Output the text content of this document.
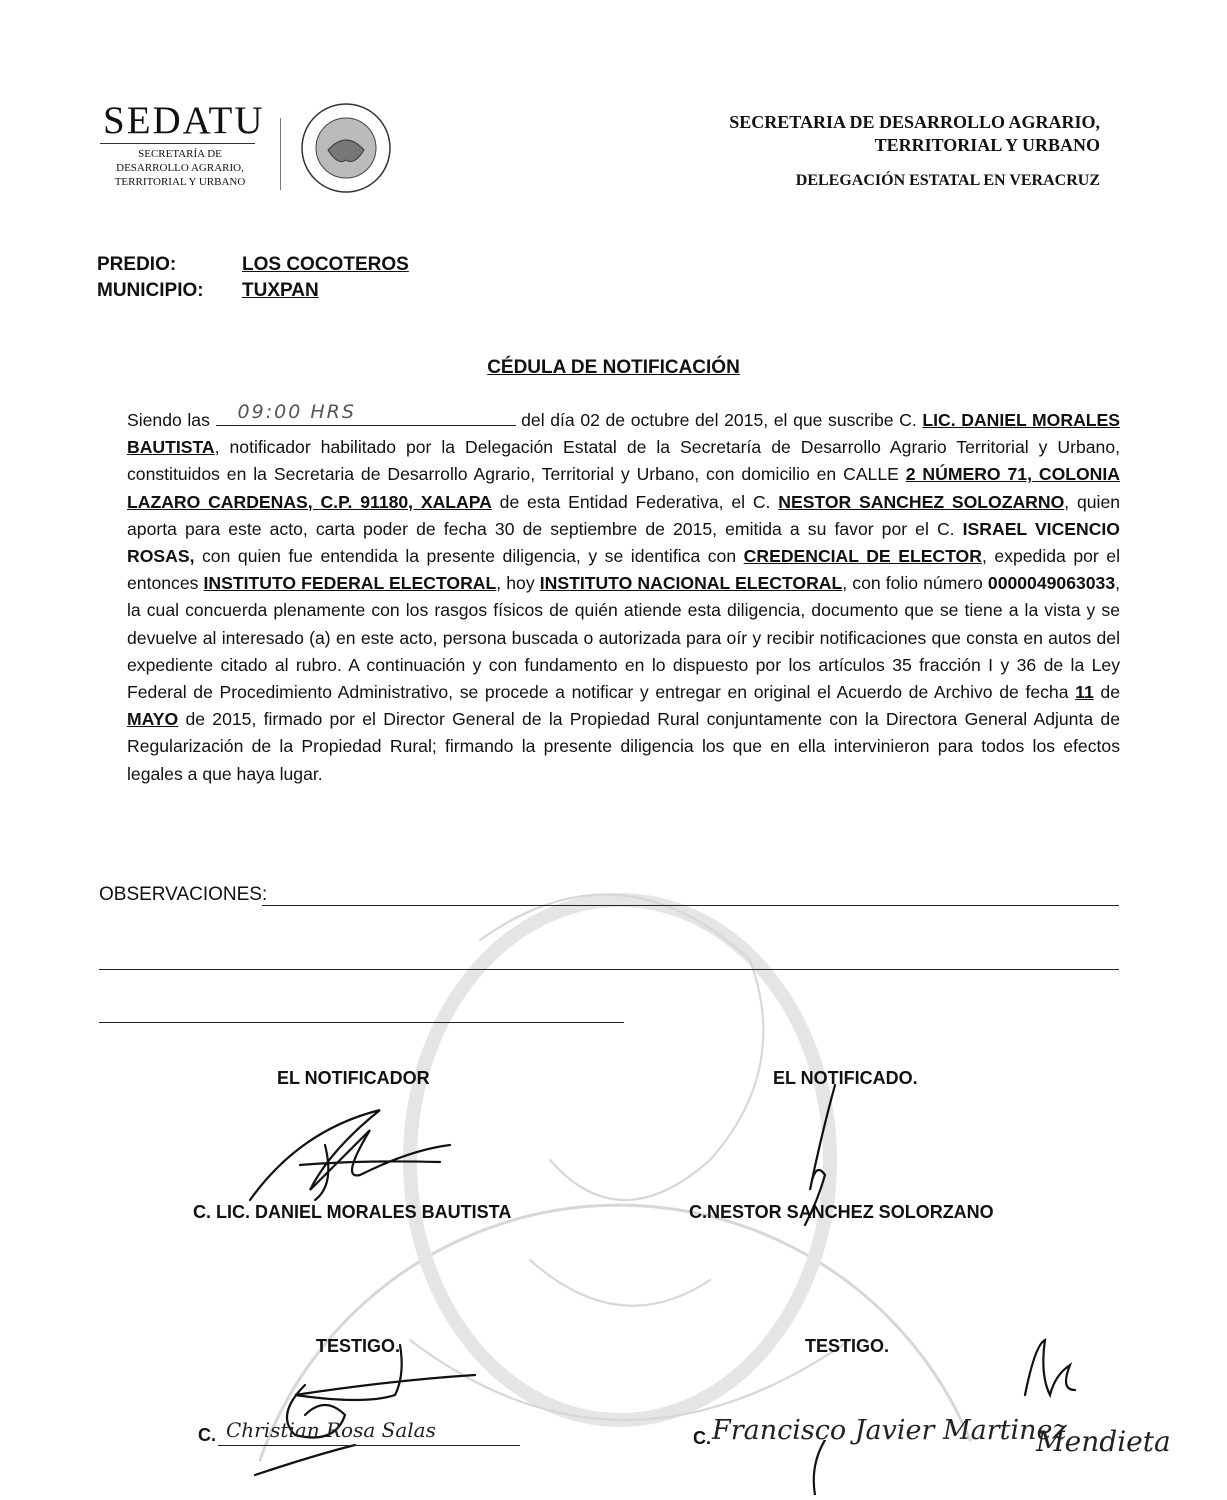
SEDATU
SECRETARÍA DE
DESARROLLO AGRARIO,
TERRITORIAL Y URBANO
SECRETARIA DE DESARROLLO AGRARIO,
TERRITORIAL Y URBANO
DELEGACIÓN ESTATAL EN VERACRUZ
PREDIO:	LOS COCOTEROS
MUNICIPIO: TUXPAN
CÉDULA DE NOTIFICACIÓN
Siendo las 09:00 HRS	del día 02 de octubre del 2015, el que suscribe C. LIC. DANIEL MORALES BAUTISTA, notificador habilitado por la Delegación Estatal de la Secretaría de Desarrollo Agrario Territorial y Urbano, constituidos en la Secretaria de Desarrollo Agrario, Territorial y Urbano, con domicilio en CALLE 2 NÚMERO 71, COLONIA LAZARO CARDENAS, C.P. 91180, XALAPA de esta Entidad Federativa, el C. NESTOR SANCHEZ SOLOZARNO, quien aporta para este acto, carta poder de fecha 30 de septiembre de 2015, emitida a su favor por el C. ISRAEL VICENCIO ROSAS, con quien fue entendida la presente diligencia, y se identifica con CREDENCIAL DE ELECTOR, expedida por el entonces INSTITUTO FEDERAL ELECTORAL, hoy INSTITUTO NACIONAL ELECTORAL, con folio número 0000049063033, la cual concuerda plenamente con los rasgos físicos de quién atiende esta diligencia, documento que se tiene a la vista y se devuelve al interesado (a) en este acto, persona buscada o autorizada para oír y recibir notificaciones que consta en autos del expediente citado al rubro. A continuación y con fundamento en lo dispuesto por los artículos 35 fracción I y 36 de la Ley Federal de Procedimiento Administrativo, se procede a notificar y entregar en original el Acuerdo de Archivo de fecha 11 de MAYO de 2015, firmado por el Director General de la Propiedad Rural conjuntamente con la Directora General Adjunta de Regularización de la Propiedad Rural; firmando la presente diligencia los que en ella intervinieron para todos los efectos legales a que haya lugar.
OBSERVACIONES:
EL NOTIFICADOR	EL NOTIFICADO.
C. LIC. DANIEL MORALES BAUTISTA	C.NESTOR SANCHEZ SOLORZANO
TESTIGO.	TESTIGO.
C. Christian Rosa Salas	C. Francisco Javier Martinez
Mendieta
